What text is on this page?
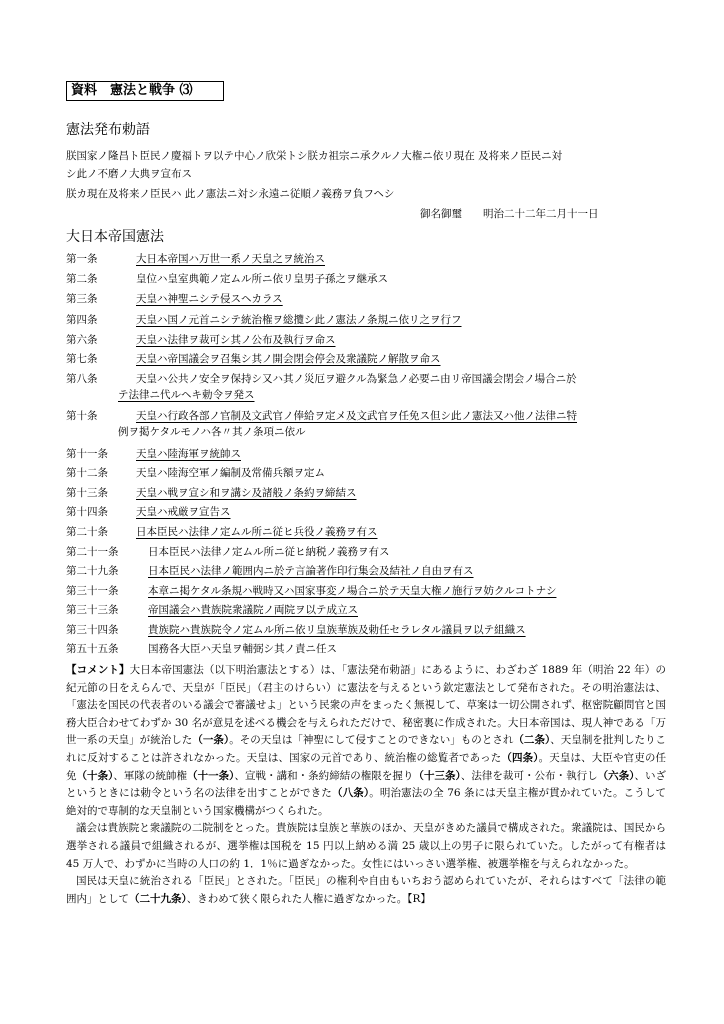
資料　憲法と戦争 ⑶
憲法発布勅語
朕国家ノ隆昌ト臣民ノ慶福トヲ以テ中心ノ欣栄トシ朕カ祖宗ニ承クルノ大権ニ依リ現在 及将来ノ臣民ニ対
シ此ノ不磨ノ大典ヲ宣布ス
朕カ現在及将来ノ臣民ハ 此ノ憲法ニ対シ永遠ニ従順ノ義務ヲ負フヘシ
御名御璽　　明治二十二年二月十一日
大日本帝国憲法
第一条	大日本帝国ハ万世一系ノ天皇之ヲ統治ス
第二条	皇位ハ皇室典範ノ定ムル所ニ依リ皇男子孫之ヲ継承ス
第三条	天皇ハ神聖ニシテ侵スヘカラス
第四条	天皇ハ国ノ元首ニシテ統治権ヲ総攬シ此ノ憲法ノ条規ニ依リ之ヲ行フ
第六条	天皇ハ法律ヲ裁可シ其ノ公布及執行ヲ命ス
第七条	天皇ハ帝国議会ヲ召集シ其ノ開会閉会停会及衆議院ノ解散ヲ命ス
第八条	天皇ハ公共ノ安全ヲ保持シ又ハ其ノ災厄ヲ避クル為緊急ノ必要ニ由リ帝国議会閉会ノ場合ニ於
テ法律ニ代ルヘキ勅令ヲ発ス
第十条	天皇ハ行政各部ノ官制及文武官ノ俸給ヲ定メ及文武官ヲ任免ス但シ此ノ憲法又ハ他ノ法律ニ特
例ヲ掲ケタルモノハ各〃其ノ条項ニ依ル
第十一条	天皇ハ陸海軍ヲ統帥ス
第十二条	天皇ハ陸海空軍ノ編制及常備兵額ヲ定ム
第十三条	天皇ハ戦ヲ宣シ和ヲ講シ及諸般ノ条約ヲ締結ス
第十四条	天皇ハ戒厳ヲ宣告ス
第二十条	日本臣民ハ法律ノ定ムル所ニ従ヒ兵役ノ義務ヲ有ス
第二十一条	日本臣民ハ法律ノ定ムル所ニ従ヒ納税ノ義務ヲ有ス
第二十九条	日本臣民ハ法律ノ範囲内ニ於テ言論著作印行集会及結社ノ自由ヲ有ス
第三十一条	本章ニ掲ケタル条規ハ戦時又ハ国家事変ノ場合ニ於テ天皇大権ノ施行ヲ妨クルコトナシ
第三十三条	帝国議会ハ貴族院衆議院ノ両院ヲ以テ成立ス
第三十四条	貴族院ハ貴族院令ノ定ムル所ニ依リ皇族華族及勅任セラレタル議員ヲ以テ組織ス
第五十五条	国務各大臣ハ天皇ヲ輔弼シ其ノ責ニ任ス

【コメント】大日本帝国憲法（以下明治憲法とする）は、「憲法発布勅語」にあるように、わざわざ 1889 年（明治 22 年）の紀元節の日をえらんで、天皇が「臣民」（君主のけらい）に憲法を与えるという欽定憲法として発布された。その明治憲法は、「憲法を国民の代表者のいる議会で審議せよ」という民衆の声をまったく無視して、草案は一切公開されず、枢密院顧問官と国務大臣合わせてわずか 30 名が意見を述べる機会を与えられただけで、秘密裏に作成された。大日本帝国は、現人神である「万世一系の天皇」が統治した（一条）。その天皇は「神聖にして侵すことのできない」ものとされ（二条）、天皇制を批判したりこれに反対することは許されなかった。天皇は、国家の元首であり、統治権の総覧者であった（四条）。天皇は、大臣や官吏の任免（十条）、軍隊の統帥権（十一条）、宣戦・講和・条約締結の権限を握り（十三条）、法律を裁可・公布・執行し（六条）、いざというときには勅令という名の法律を出すことができた（八条）。明治憲法の全 76 条には天皇主権が貫かれていた。こうして絶対的で専制的な天皇制という国家機構がつくられた。

議会は貴族院と衆議院の二院制をとった。貴族院は皇族と華族のほか、天皇がきめた議員で構成された。衆議院は、国民から選挙される議員で組織されるが、選挙権は国税を 15 円以上納める満 25 歳以上の男子に限られていた。したがって有権者は 45 万人で、わずかに当時の人口の約 1．1％に過ぎなかった。女性にはいっさい選挙権、被選挙権を与えられなかった。

国民は天皇に統治される「臣民」とされた。「臣民」の権利や自由もいちおう認められていたが、それらはすべて「法律の範囲内」として（二十九条）、きわめて狭く限られた人権に過ぎなかった。【R】
